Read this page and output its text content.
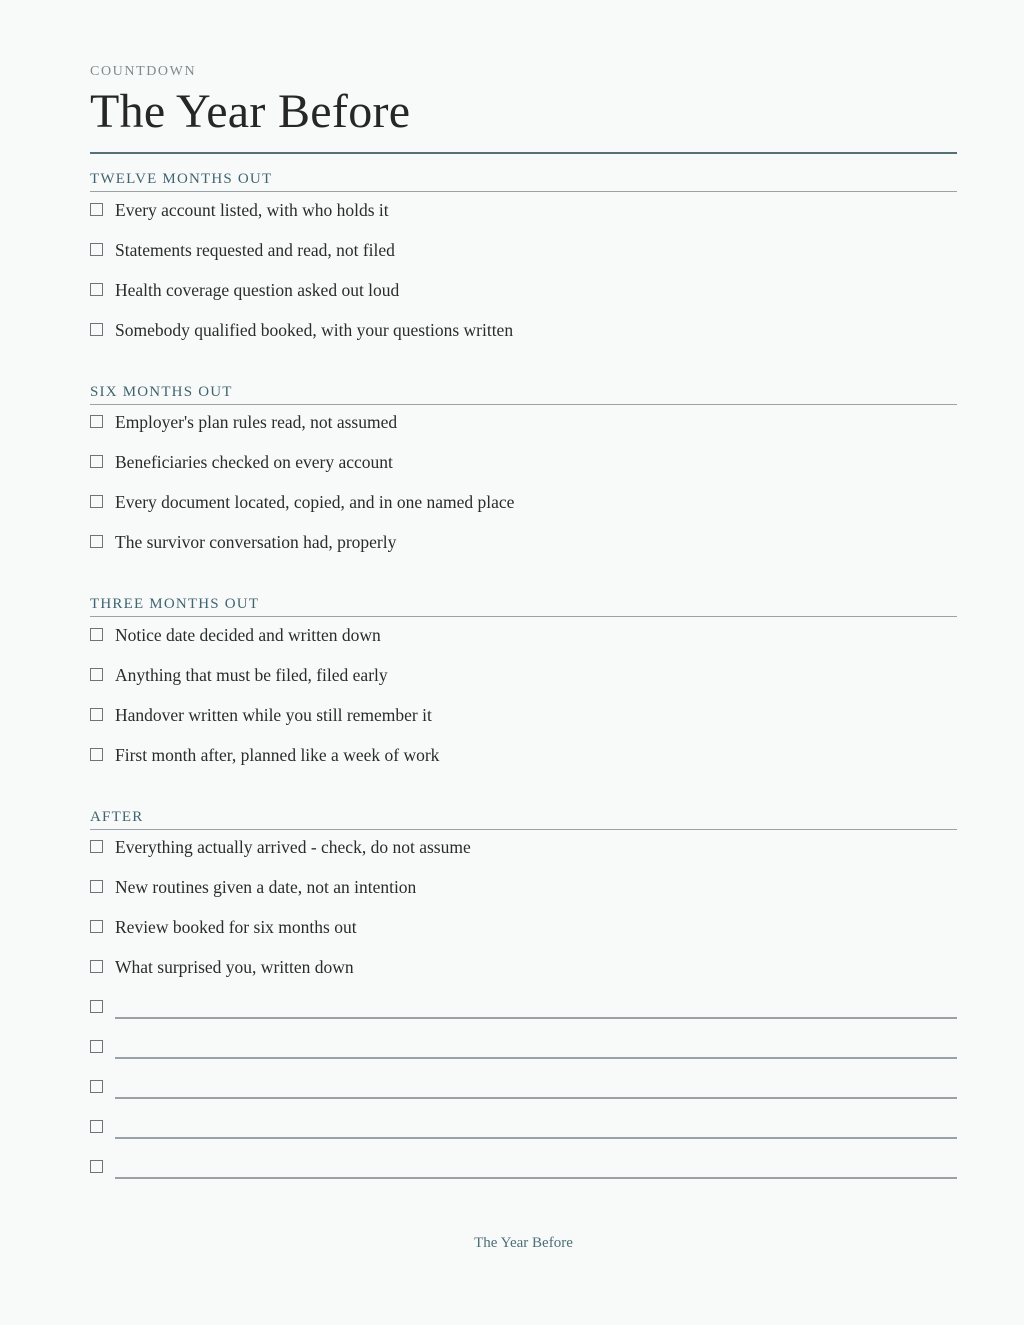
COUNTDOWN
The Year Before
TWELVE MONTHS OUT
Every account listed, with who holds it
Statements requested and read, not filed
Health coverage question asked out loud
Somebody qualified booked, with your questions written
SIX MONTHS OUT
Employer's plan rules read, not assumed
Beneficiaries checked on every account
Every document located, copied, and in one named place
The survivor conversation had, properly
THREE MONTHS OUT
Notice date decided and written down
Anything that must be filed, filed early
Handover written while you still remember it
First month after, planned like a week of work
AFTER
Everything actually arrived - check, do not assume
New routines given a date, not an intention
Review booked for six months out
What surprised you, written down
The Year Before
